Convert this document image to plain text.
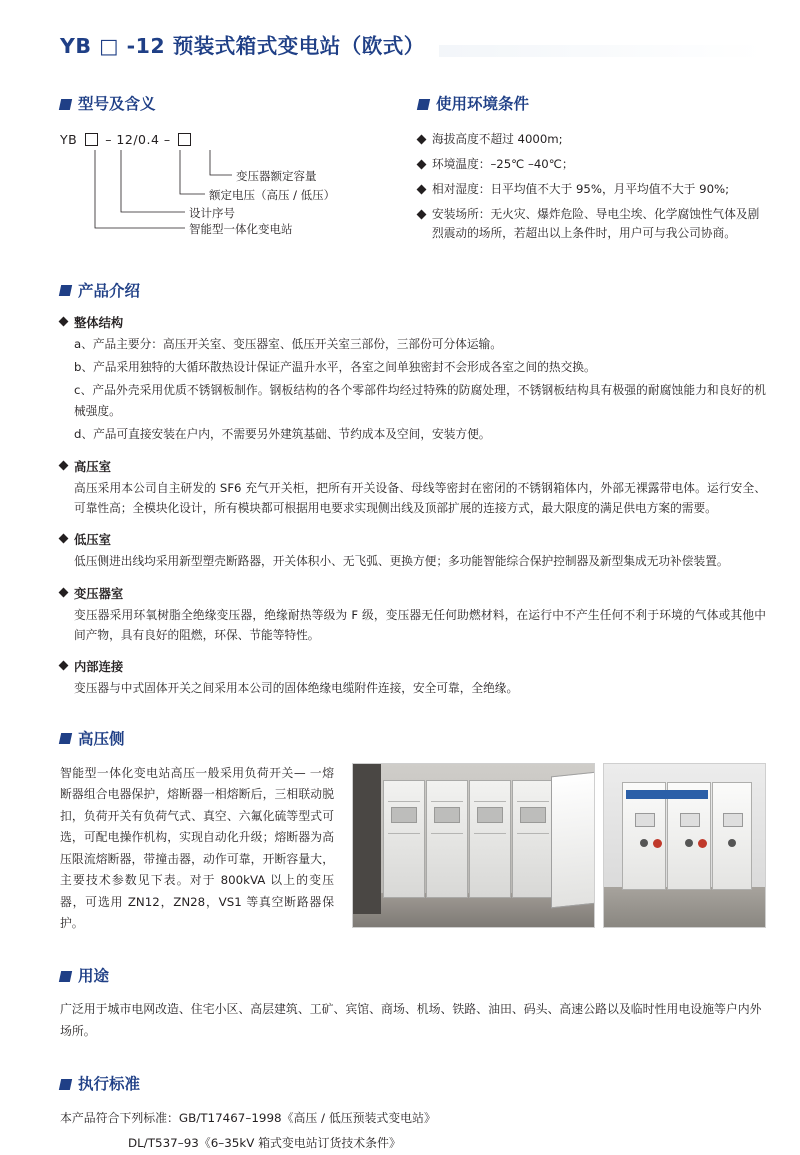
YB □ -12 预装式箱式变电站（欧式）
型号及含义
YB – 12/0.4 –
变压器额定容量
额定电压（高压 / 低压）
设计序号
智能型一体化变电站
使用环境条件
海拔高度不超过 4000m;
环境温度：–25℃ –40℃；
相对湿度：日平均值不大于 95%，月平均值不大于 90%;
安装场所：无火灾、爆炸危险、导电尘埃、化学腐蚀性气体及剧烈震动的场所，若超出以上条件时，用户可与我公司协商。
产品介绍
整体结构
a、产品主要分：高压开关室、变压器室、低压开关室三部份，三部份可分体运输。
b、产品采用独特的大循环散热设计保证产温升水平，各室之间单独密封不会形成各室之间的热交换。
c、产品外壳采用优质不锈钢板制作。钢板结构的各个零部件均经过特殊的防腐处理，不锈钢板结构具有极强的耐腐蚀能力和良好的机械强度。
d、产品可直接安装在户内，不需要另外建筑基础、节约成本及空间，安装方便。
高压室
高压采用本公司自主研发的 SF6 充气开关柜，把所有开关设备、母线等密封在密闭的不锈钢箱体内，外部无裸露带电体。运行安全、可靠性高；全模块化设计，所有模块都可根据用电要求实现侧出线及顶部扩展的连接方式，最大限度的满足供电方案的需要。
低压室
低压侧进出线均采用新型塑壳断路器，开关体积小、无飞弧、更换方便；多功能智能综合保护控制器及新型集成无功补偿装置。
变压器室
变压器采用环氧树脂全绝缘变压器，绝缘耐热等级为 F 级，变压器无任何助燃材料，在运行中不产生任何不利于环境的气体或其他中间产物，具有良好的阻燃，环保、节能等特性。
内部连接
变压器与中式固体开关之间采用本公司的固体绝缘电缆附件连接，安全可靠，全绝缘。
高压侧
智能型一体化变电站高压一般采用负荷开关— 一熔断器组合电器保护，熔断器一相熔断后，三相联动脱扣，负荷开关有负荷气式、真空、六氟化硫等型式可选，可配电操作机构，实现自动化升级；熔断器为高压限流熔断器，带撞击器，动作可靠，开断容量大，主要技术参数见下表。对于 800kVA 以上的变压器，可选用 ZN12，ZN28，VS1 等真空断路器保护。
用途
广泛用于城市电网改造、住宅小区、高层建筑、工矿、宾馆、商场、机场、铁路、油田、码头、高速公路以及临时性用电设施等户内外场所。
执行标准
本产品符合下列标准：GB/T17467–1998《高压 / 低压预装式变电站》
DL/T537–93《6–35kV 箱式变电站订货技术条件》
